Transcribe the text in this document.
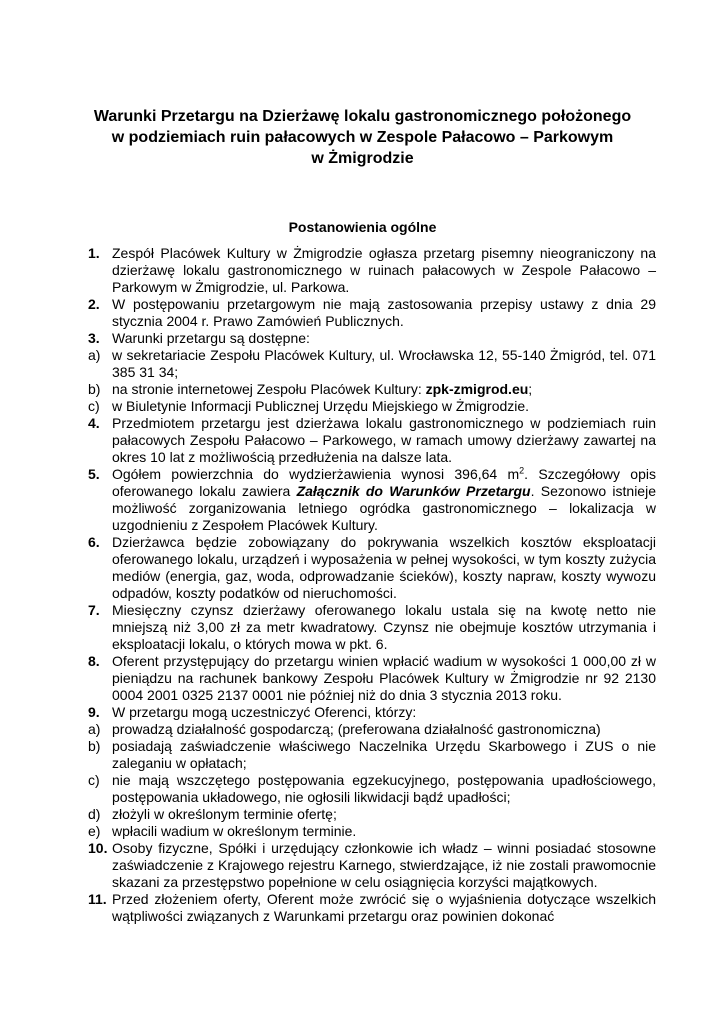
Warunki Przetargu na Dzierżawę lokalu gastronomicznego położonego
w podziemiach ruin pałacowych w Zespole Pałacowo – Parkowym
w Żmigrodzie
Postanowienia ogólne
1. Zespół Placówek Kultury w Żmigrodzie ogłasza przetarg pisemny nieograniczony na dzierżawę lokalu gastronomicznego w ruinach pałacowych w Zespole Pałacowo – Parkowym w Żmigrodzie, ul. Parkowa.
2. W postępowaniu przetargowym nie mają zastosowania przepisy ustawy z dnia 29 stycznia 2004 r. Prawo Zamówień Publicznych.
3. Warunki przetargu są dostępne:
a) w sekretariacie Zespołu Placówek Kultury, ul. Wrocławska 12, 55-140 Żmigród, tel. 071 385 31 34;
b) na stronie internetowej Zespołu Placówek Kultury: zpk-zmigrod.eu;
c) w Biuletynie Informacji Publicznej Urzędu Miejskiego w Żmigrodzie.
4. Przedmiotem przetargu jest dzierżawa lokalu gastronomicznego w podziemiach ruin pałacowych Zespołu Pałacowo – Parkowego, w ramach umowy dzierżawy zawartej na okres 10 lat z możliwością przedłużenia na dalsze lata.
5. Ogółem powierzchnia do wydzierżawienia wynosi 396,64 $m^2$. Szczegółowy opis oferowanego lokalu zawiera Załącznik do Warunków Przetargu. Sezonowo istnieje możliwość zorganizowania letniego ogródka gastronomicznego – lokalizacja w uzgodnieniu z Zespołem Placówek Kultury.
6. Dzierżawca będzie zobowiązany do pokrywania wszelkich kosztów eksploatacji oferowanego lokalu, urządzeń i wyposażenia w pełnej wysokości, w tym koszty zużycia mediów (energia, gaz, woda, odprowadzanie ścieków), koszty napraw, koszty wywozu odpadów, koszty podatków od nieruchomości.
7. Miesięczny czynsz dzierżawy oferowanego lokalu ustala się na kwotę netto nie mniejszą niż 3,00 zł za metr kwadratowy. Czynsz nie obejmuje kosztów utrzymania i eksploatacji lokalu, o których mowa w pkt. 6.
8. Oferent przystępujący do przetargu winien wpłacić wadium w wysokości 1 000,00 zł w pieniądzu na rachunek bankowy Zespołu Placówek Kultury w Żmigrodzie nr 92 2130 0004 2001 0325 2137 0001 nie później niż do dnia 3 stycznia 2013 roku.
9. W przetargu mogą uczestniczyć Oferenci, którzy:
a) prowadzą działalność gospodarczą; (preferowana działalność gastronomiczna)
b) posiadają zaświadczenie właściwego Naczelnika Urzędu Skarbowego i ZUS o nie zaleganiu w opłatach;
c) nie mają wszczętego postępowania egzekucyjnego, postępowania upadłościowego, postępowania układowego, nie ogłosili likwidacji bądź upadłości;
d) złożyli w określonym terminie ofertę;
e) wpłacili wadium w określonym terminie.
10. Osoby fizyczne, Spółki i urzędujący członkowie ich władz – winni posiadać stosowne zaświadczenie z Krajowego rejestru Karnego, stwierdzające, iż nie zostali prawomocnie skazani za przestępstwo popełnione w celu osiągnięcia korzyści majątkowych.
11. Przed złożeniem oferty, Oferent może zwrócić się o wyjaśnienia dotyczące wszelkich wątpliwości związanych z Warunkami przetargu oraz powinien dokonać
